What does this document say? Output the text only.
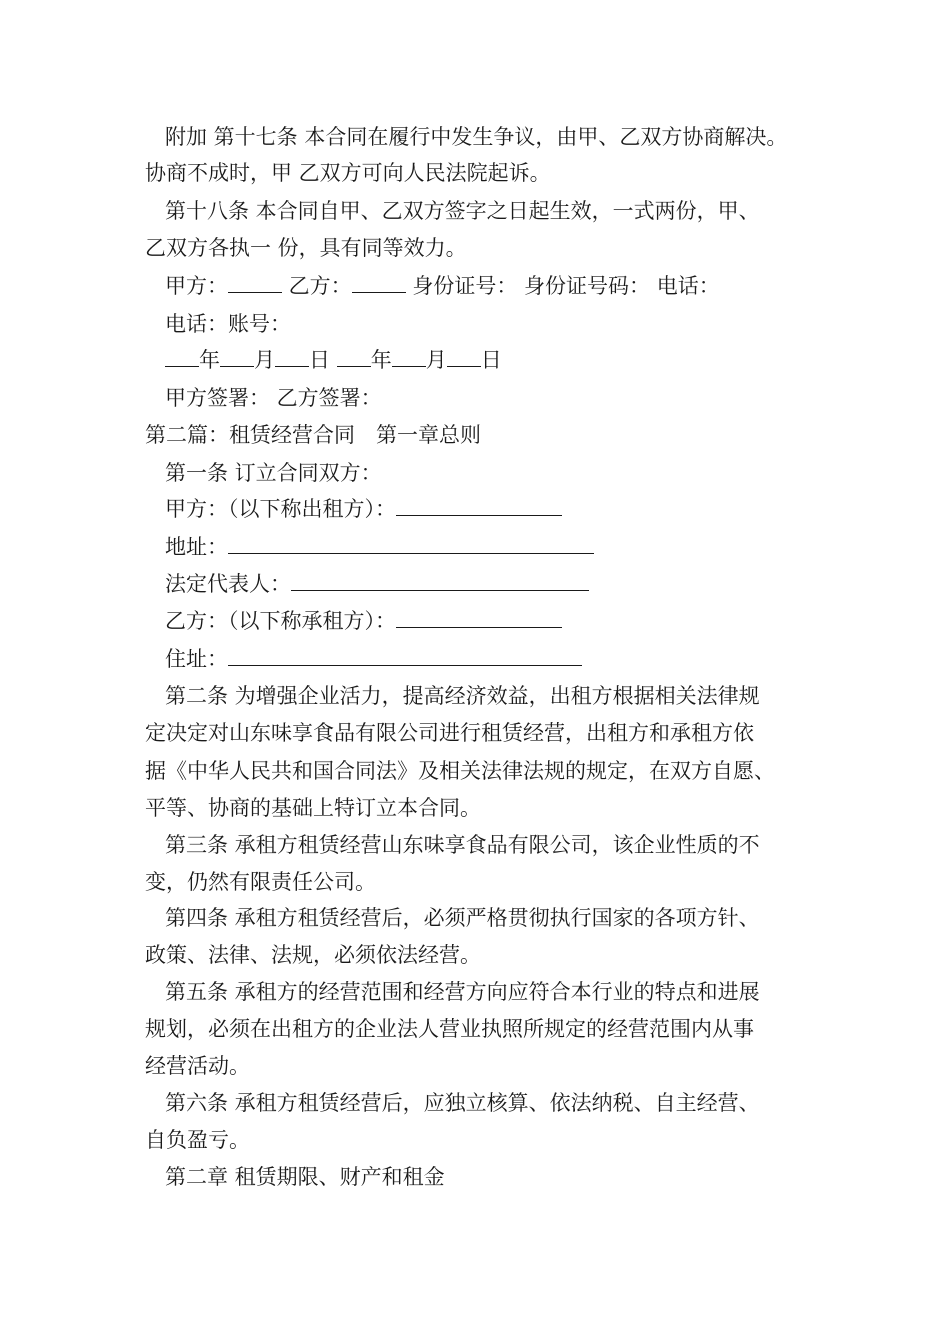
附加 第十七条 本合同在履行中发生争议，由甲、乙双方协商解决。
协商不成时，甲 乙双方可向人民法院起诉。
第十八条 本合同自甲、乙双方签字之日起生效，一式两份，甲、
乙双方各执一 份，具有同等效力。
甲方：	乙方：	身份证号： 身份证号码： 电话：
电话：账号：
年 月 日 年 月 日
甲方签署： 乙方签署：
第二篇：租赁经营合同　第一章总则
第一条 订立合同双方：
甲方：（以下称出租方）：
地址：
法定代表人：
乙方：（以下称承租方）：
住址：
第二条 为增强企业活力，提高经济效益，出租方根据相关法律规
定决定对山东味享食品有限公司进行租赁经营，出租方和承租方依
据《中华人民共和国合同法》及相关法律法规的规定，在双方自愿、
平等、协商的基础上特订立本合同。
第三条 承租方租赁经营山东味享食品有限公司，该企业性质的不
变，仍然有限责任公司。
第四条 承租方租赁经营后，必须严格贯彻执行国家的各项方针、
政策、法律、法规，必须依法经营。
第五条 承租方的经营范围和经营方向应符合本行业的特点和进展
规划，必须在出租方的企业法人营业执照所规定的经营范围内从事
经营活动。
第六条 承租方租赁经营后，应独立核算、依法纳税、自主经营、
自负盈亏。
第二章 租赁期限、财产和租金
